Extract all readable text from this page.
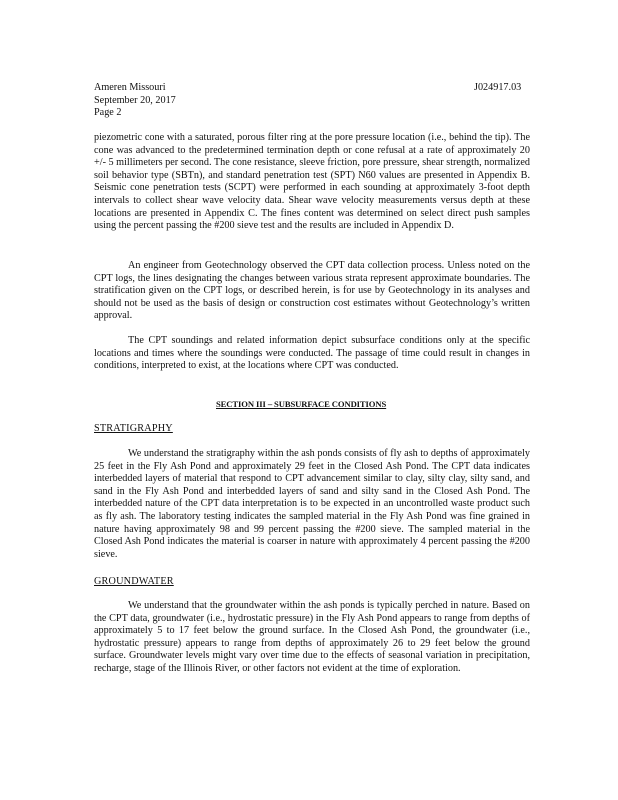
Ameren Missouri
September 20, 2017
Page 2
J024917.03

piezometric cone with a saturated, porous filter ring at the pore pressure location (i.e., behind the tip). The cone was advanced to the predetermined termination depth or cone refusal at a rate of approximately 20 +/- 5 millimeters per second. The cone resistance, sleeve friction, pore pressure, shear strength, normalized soil behavior type (SBTn), and standard penetration test (SPT) N60 values are presented in Appendix B. Seismic cone penetration tests (SCPT) were performed in each sounding at approximately 3-foot depth intervals to collect shear wave velocity data. Shear wave velocity measurements versus depth at these locations are presented in Appendix C. The fines content was determined on select direct push samples using the percent passing the #200 sieve test and the results are included in Appendix D.

An engineer from Geotechnology observed the CPT data collection process. Unless noted on the CPT logs, the lines designating the changes between various strata represent approximate boundaries. The stratification given on the CPT logs, or described herein, is for use by Geotechnology in its analyses and should not be used as the basis of design or construction cost estimates without Geotechnology’s written approval.

The CPT soundings and related information depict subsurface conditions only at the specific locations and times where the soundings were conducted. The passage of time could result in changes in conditions, interpreted to exist, at the locations where CPT was conducted.

SECTION III – SUBSURFACE CONDITIONS
STRATIGRAPHY

We understand the stratigraphy within the ash ponds consists of fly ash to depths of approximately 25 feet in the Fly Ash Pond and approximately 29 feet in the Closed Ash Pond. The CPT data indicates interbedded layers of material that respond to CPT advancement similar to clay, silty clay, silty sand, and sand in the Fly Ash Pond and interbedded layers of sand and silty sand in the Closed Ash Pond. The interbedded nature of the CPT data interpretation is to be expected in an uncontrolled waste product such as fly ash. The laboratory testing indicates the sampled material in the Fly Ash Pond was fine grained in nature having approximately 98 and 99 percent passing the #200 sieve. The sampled material in the Closed Ash Pond indicates the material is coarser in nature with approximately 4 percent passing the #200 sieve.

GROUNDWATER

We understand that the groundwater within the ash ponds is typically perched in nature. Based on the CPT data, groundwater (i.e., hydrostatic pressure) in the Fly Ash Pond appears to range from depths of approximately 5 to 17 feet below the ground surface. In the Closed Ash Pond, the groundwater (i.e., hydrostatic pressure) appears to range from depths of approximately 26 to 29 feet below the ground surface. Groundwater levels might vary over time due to the effects of seasonal variation in precipitation, recharge, stage of the Illinois River, or other factors not evident at the time of exploration.
